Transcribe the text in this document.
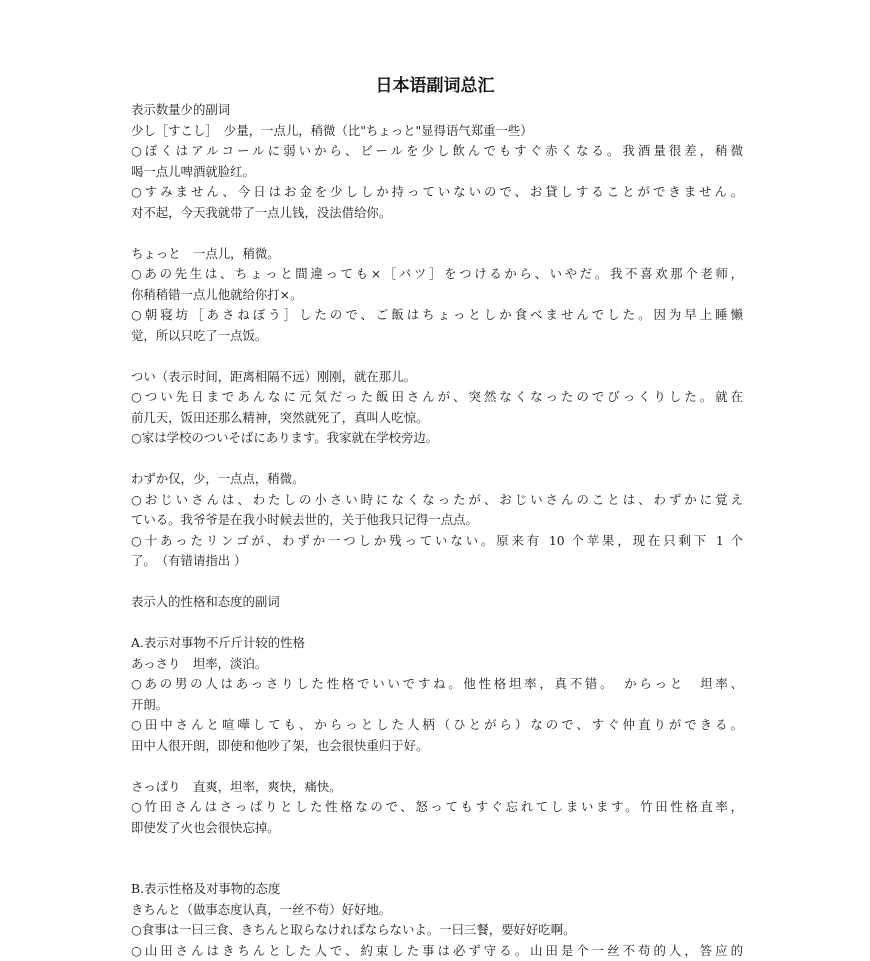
日本语副词总汇
表示数量少的副词
少し［すこし］　少量，一点儿，稍微（比"ちょっと"显得语气郑重一些）
○ぼくはアルコールに弱いから、ビールを少し飲んでもすぐ赤くなる。我酒量很差，稍微
喝一点儿啤酒就脸红。
○すみません、今日はお金を少ししか持っていないので、お貸しすることができません。
对不起，今天我就带了一点儿钱，没法借给你。
ちょっと　一点儿，稍微。
○あの先生は、ちょっと間違っても×［バツ］をつけるから、いやだ。我不喜欢那个老师，
你稍稍错一点儿他就给你打×。
○朝寝坊［あさねぼう］したので、ご飯はちょっとしか食べませんでした。因为早上睡懒
觉，所以只吃了一点饭。
つい（表示时间，距离相隔不远）刚刚，就在那儿。
○つい先日まであんなに元気だった飯田さんが、突然なくなったのでびっくりした。就在
前几天，饭田还那么精神，突然就死了，真叫人吃惊。
○家は学校のついそばにあります。我家就在学校旁边。
わずか仅，少，一点点，稍微。
○おじいさんは、わたしの小さい時になくなったが、おじいさんのことは、わずかに覚え
ている。我爷爷是在我小时候去世的，关于他我只记得一点点。
○十あったリンゴが、わずか一つしか残っていない。原来有 10 个苹果，现在只剩下 1 个
了。　（有错请指出 ）
表示人的性格和态度的副词
A.表示对事物不斤斤计较的性格
あっさり　坦率，淡泊。
○あの男の人はあっさりした性格でいいですね。他性格坦率，真不错。　からっと　坦率、
开朗。
○田中さんと喧嘩しても、からっとした人柄（ひとがら）なので、すぐ仲直りができる。
田中人很开朗，即使和他吵了架，也会很快重归于好。
さっぱり　直爽，坦率，爽快，痛快。
○竹田さんはさっぱりとした性格なので、怒ってもすぐ忘れてしまいます。竹田性格直率，
即使发了火也会很快忘掉。
B.表示性格及对事物的态度
きちんと（做事态度认真，一丝不苟）好好地。
○食事は一曰三食、きちんと取らなければならないよ。一曰三餐，要好好吃啊。
○山田さんはきちんとした人で、約束した事は必ず守る。山田是个一丝不苟的人，答应的
